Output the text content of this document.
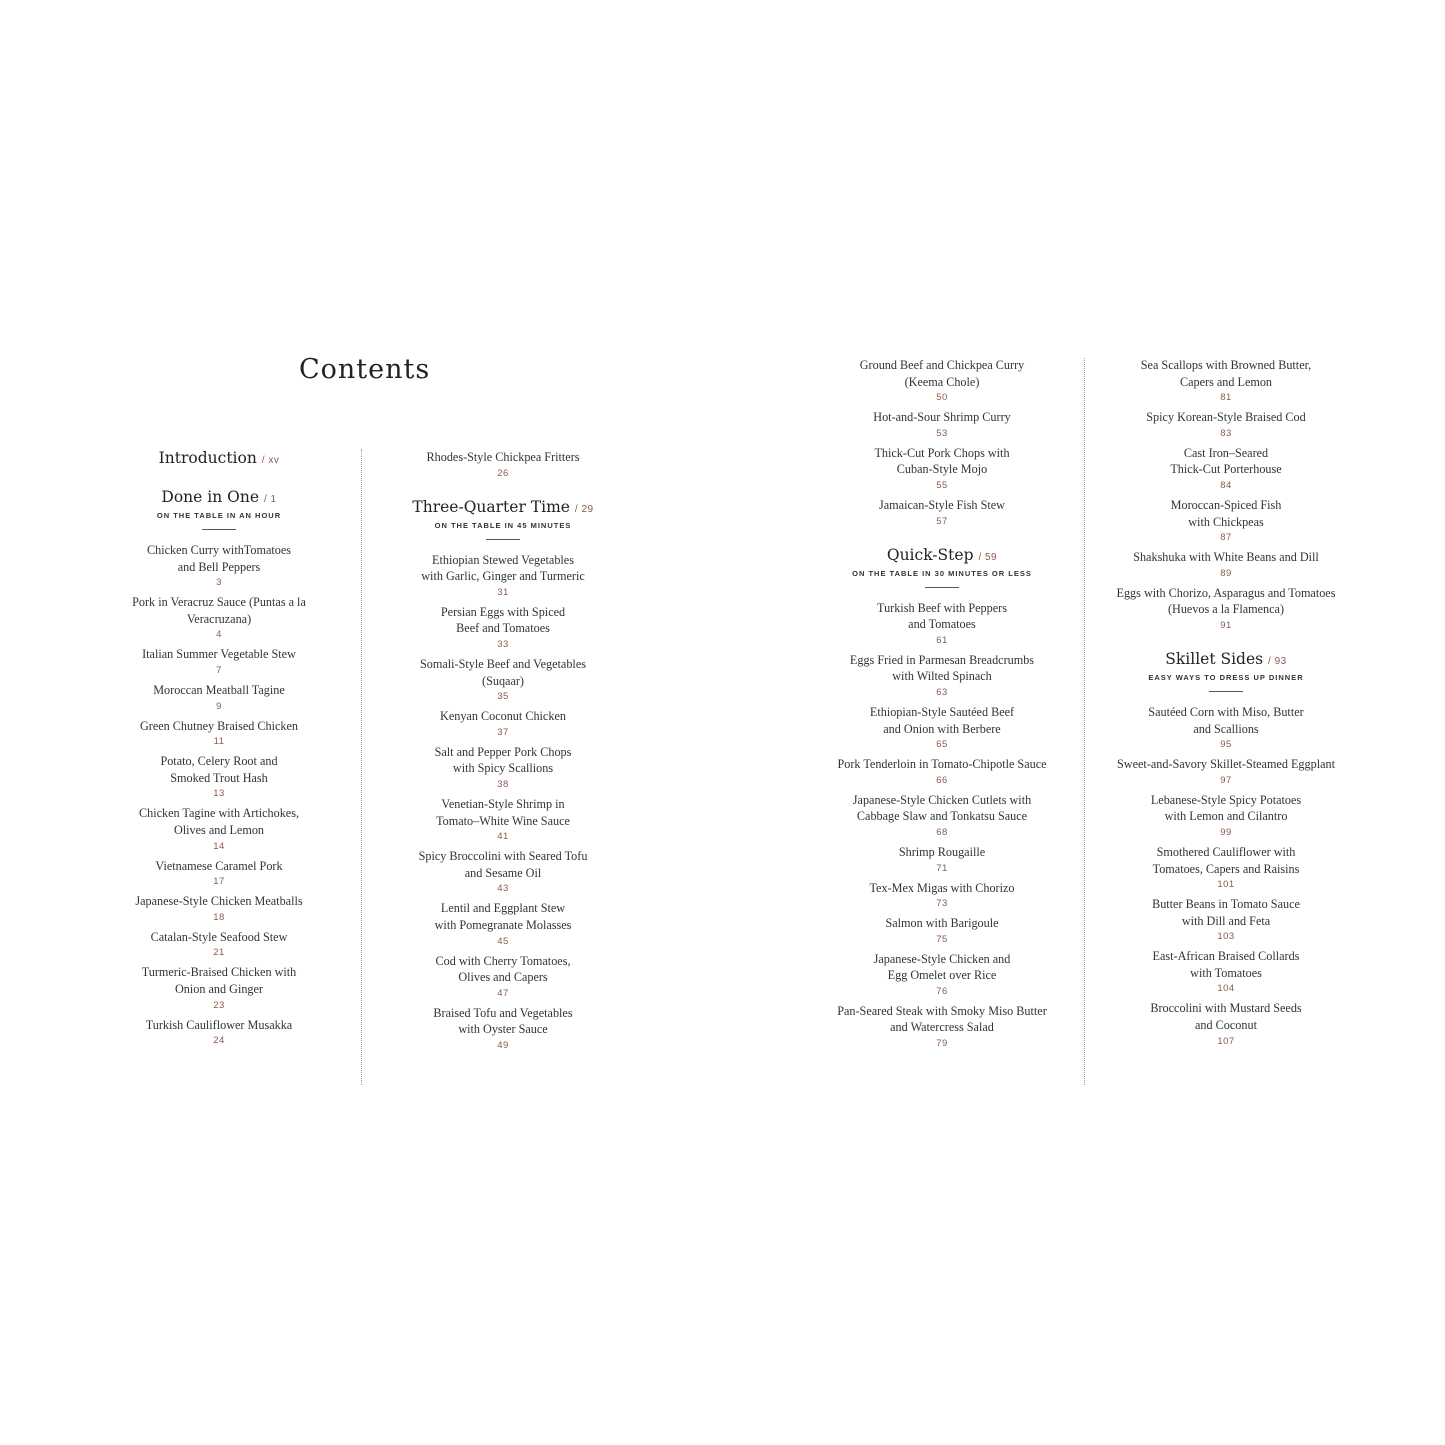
Contents
Introduction / xv
Done in One / 1
ON THE TABLE IN AN HOUR
Chicken Curry withTomatoes
and Bell Peppers
3
Pork in Veracruz Sauce (Puntas a la
Veracruzana)
4
Italian Summer Vegetable Stew
7
Moroccan Meatball Tagine
9
Green Chutney Braised Chicken
11
Potato, Celery Root and
Smoked Trout Hash
13
Chicken Tagine with Artichokes,
Olives and Lemon
14
Vietnamese Caramel Pork
17
Japanese-Style Chicken Meatballs
18
Catalan-Style Seafood Stew
21
Turmeric-Braised Chicken with
Onion and Ginger
23
Turkish Cauliflower Musakka
24
Rhodes-Style Chickpea Fritters
26
Three-Quarter Time / 29
ON THE TABLE IN 45 MINUTES
Ethiopian Stewed Vegetables
with Garlic, Ginger and Turmeric
31
Persian Eggs with Spiced
Beef and Tomatoes
33
Somali-Style Beef and Vegetables
(Suqaar)
35
Kenyan Coconut Chicken
37
Salt and Pepper Pork Chops
with Spicy Scallions
38
Venetian-Style Shrimp in
Tomato–White Wine Sauce
41
Spicy Broccolini with Seared Tofu
and Sesame Oil
43
Lentil and Eggplant Stew
with Pomegranate Molasses
45
Cod with Cherry Tomatoes,
Olives and Capers
47
Braised Tofu and Vegetables
with Oyster Sauce
49
Ground Beef and Chickpea Curry
(Keema Chole)
50
Hot-and-Sour Shrimp Curry
53
Thick-Cut Pork Chops with
Cuban-Style Mojo
55
Jamaican-Style Fish Stew
57
Quick-Step / 59
ON THE TABLE IN 30 MINUTES OR LESS
Turkish Beef with Peppers
and Tomatoes
61
Eggs Fried in Parmesan Breadcrumbs
with Wilted Spinach
63
Ethiopian-Style Sautéed Beef
and Onion with Berbere
65
Pork Tenderloin in Tomato-Chipotle Sauce
66
Japanese-Style Chicken Cutlets with
Cabbage Slaw and Tonkatsu Sauce
68
Shrimp Rougaille
71
Tex-Mex Migas with Chorizo
73
Salmon with Barigoule
75
Japanese-Style Chicken and
Egg Omelet over Rice
76
Pan-Seared Steak with Smoky Miso Butter
and Watercress Salad
79
Sea Scallops with Browned Butter,
Capers and Lemon
81
Spicy Korean-Style Braised Cod
83
Cast Iron–Seared
Thick-Cut Porterhouse
84
Moroccan-Spiced Fish
with Chickpeas
87
Shakshuka with White Beans and Dill
89
Eggs with Chorizo, Asparagus and Tomatoes
(Huevos a la Flamenca)
91
Skillet Sides / 93
EASY WAYS TO DRESS UP DINNER
Sautéed Corn with Miso, Butter
and Scallions
95
Sweet-and-Savory Skillet-Steamed Eggplant
97
Lebanese-Style Spicy Potatoes
with Lemon and Cilantro
99
Smothered Cauliflower with
Tomatoes, Capers and Raisins
101
Butter Beans in Tomato Sauce
with Dill and Feta
103
East-African Braised Collards
with Tomatoes
104
Broccolini with Mustard Seeds
and Coconut
107
